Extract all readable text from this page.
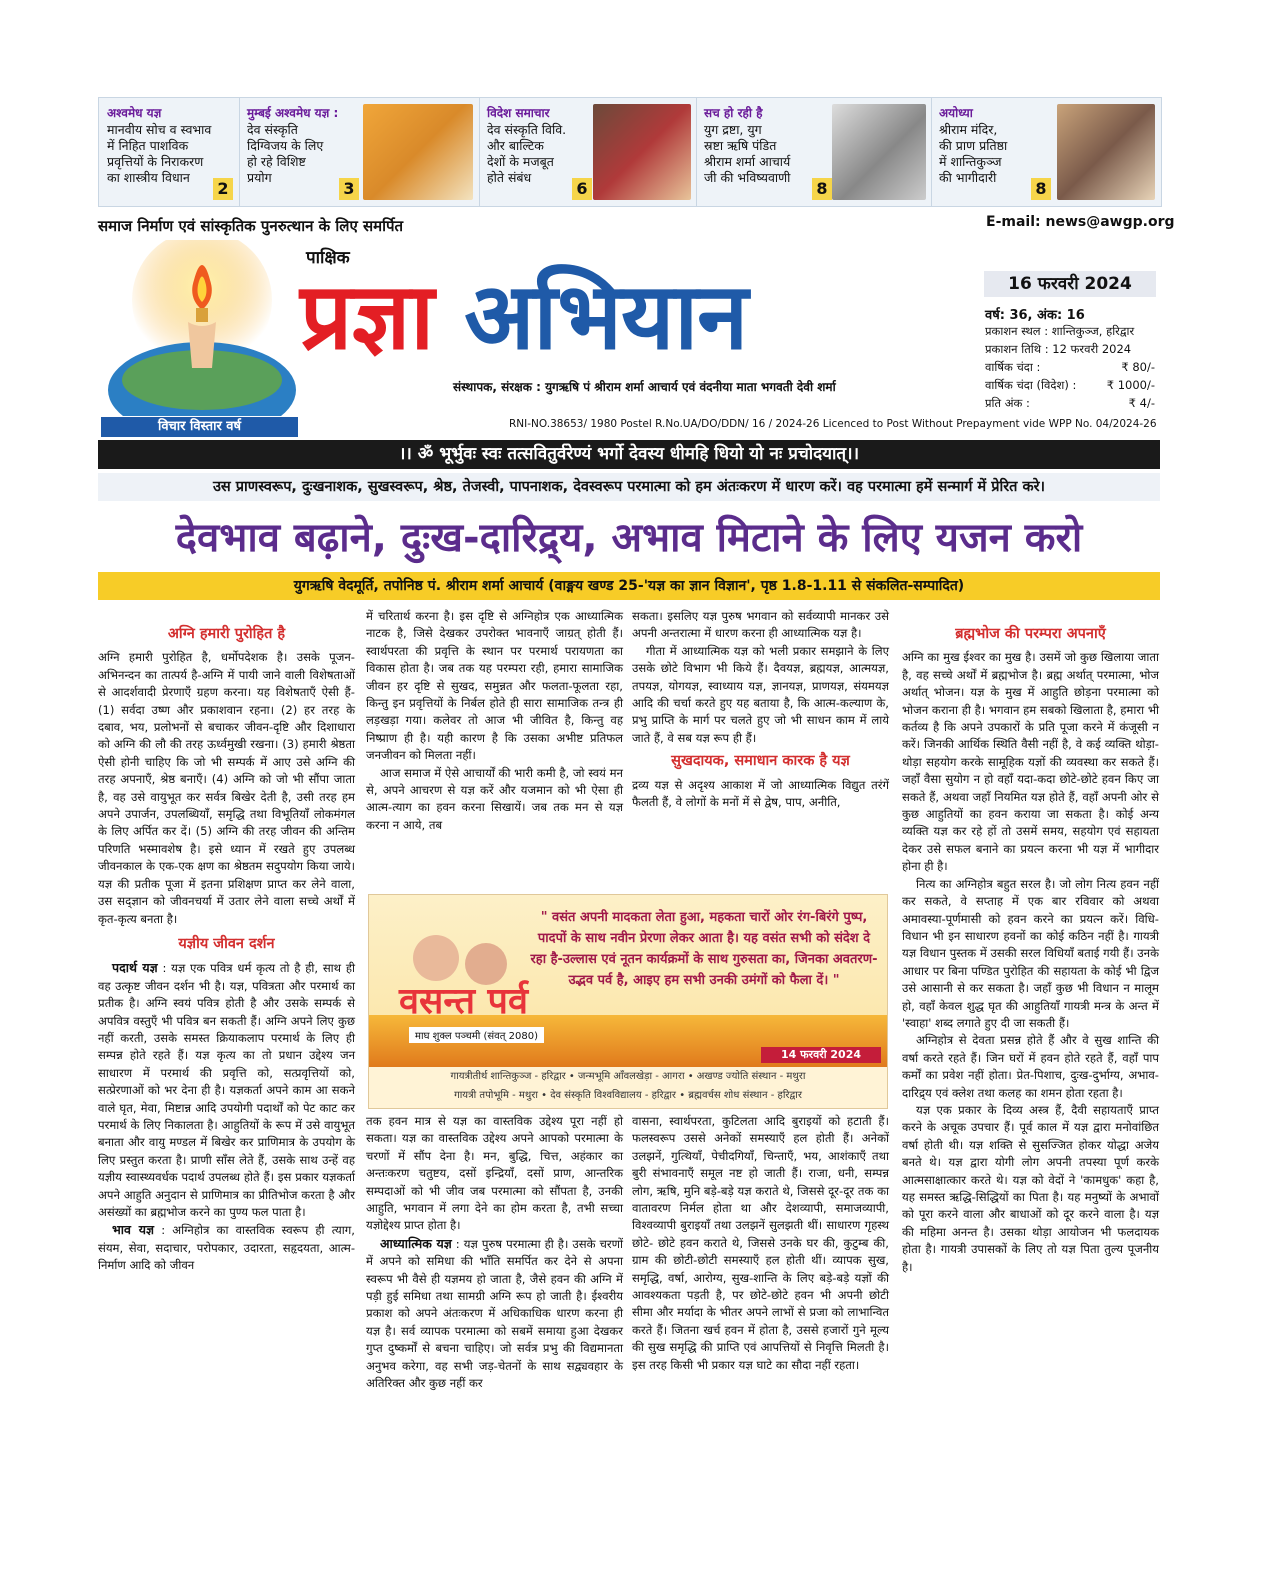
अश्वमेध यज्ञ
मानवीय सोच व स्वभाव
में निहित पाशविक
प्रवृत्तियों के निराकरण
का शास्त्रीय विधान
2
मुम्बई अश्वमेध यज्ञ :
देव संस्कृति
दिग्विजय के लिए
हो रहे विशिष्ट
प्रयोग
3
विदेश समाचार
देव संस्कृति विवि.
और बाल्टिक
देशों के मजबूत
होते संबंध
6
सच हो रही है
युग द्रष्टा, युग
स्रष्टा ऋषि पंडित
श्रीराम शर्मा आचार्य
जी की भविष्यवाणी
8
अयोध्या
श्रीराम मंदिर,
की प्राण प्रतिष्ठा
में शान्तिकुञ्ज
की भागीदारी
8
समाज निर्माण एवं सांस्कृतिक पुनरुत्थान के लिए समर्पित	E-mail: news@awgp.org
विचार विस्तार वर्ष
पाक्षिक
प्रज्ञा अभियान
संस्थापक, संरक्षक : युगऋषि पं श्रीराम शर्मा आचार्य एवं वंदनीया माता भगवती देवी शर्मा
RNI-NO.38653/ 1980 Postel R.No.UA/DO/DDN/ 16 / 2024-26 Licenced to Post Without Prepayment vide WPP No. 04/2024-26
16 फरवरी 2024
वर्ष: 36, अंक: 16
प्रकाशन स्थल : शान्तिकुञ्ज, हरिद्वार
प्रकाशन तिथि : 12 फरवरी 2024
वार्षिक चंदा :	₹ 80/-
वार्षिक चंदा (विदेश) :	₹ 1000/-
प्रति अंक :	₹ 4/-
।। ॐ भूर्भुवः स्वः तत्सवितुर्वरेण्यं भर्गो देवस्य धीमहि धियो यो नः प्रचोदयात्।।
उस प्राणस्वरूप, दुःखनाशक, सुखस्वरूप, श्रेष्ठ, तेजस्वी, पापनाशक, देवस्वरूप परमात्मा को हम अंतःकरण में धारण करें। वह परमात्मा हमें सन्मार्ग में प्रेरित करे।
देवभाव बढ़ाने, दुःख-दारिद्र्य, अभाव मिटाने के लिए यजन करो
युगऋषि वेदमूर्ति, तपोनिष्ठ पं. श्रीराम शर्मा आचार्य (वाङ्मय खण्ड 25-'यज्ञ का ज्ञान विज्ञान', पृष्ठ 1.8-1.11 से संकलित-सम्पादित)
अग्नि हमारी पुरोहित है

अग्नि हमारी पुरोहित है, धर्मोपदेशक है। उसके पूजन-अभिनन्दन का तात्पर्य है-अग्नि में पायी जाने वाली विशेषताओं से आदर्शवादी प्रेरणाएँ ग्रहण करना। यह विशेषताएँ ऐसी हैं- (1) सर्वदा उष्ण और प्रकाशवान रहना। (2) हर तरह के दबाव, भय, प्रलोभनों से बचाकर जीवन-दृष्टि और दिशाधारा को अग्नि की लौ की तरह ऊर्ध्वमुखी रखना। (3) हमारी श्रेष्ठता ऐसी होनी चाहिए कि जो भी सम्पर्क में आए उसे अग्नि की तरह अपनाएँ, श्रेष्ठ बनाएँ। (4) अग्नि को जो भी सौंपा जाता है, वह उसे वायुभूत कर सर्वत्र बिखेर देती है, उसी तरह हम अपने उपार्जन, उपलब्धियाँ, समृद्धि तथा विभूतियाँ लोकमंगल के लिए अर्पित कर दें। (5) अग्नि की तरह जीवन की अन्तिम परिणति भस्मावशेष है। इसे ध्यान में रखते हुए उपलब्ध जीवनकाल के एक-एक क्षण का श्रेष्ठतम सदुपयोग किया जाये। यज्ञ की प्रतीक पूजा में इतना प्रशिक्षण प्राप्त कर लेने वाला, उस सद्ज्ञान को जीवनचर्या में उतार लेने वाला सच्चे अर्थों में कृत-कृत्य बनता है।

यज्ञीय जीवन दर्शन

पदार्थ यज्ञ : यज्ञ एक पवित्र धर्म कृत्य तो है ही, साथ ही वह उत्कृष्ट जीवन दर्शन भी है। यज्ञ, पवित्रता और परमार्थ का प्रतीक है। अग्नि स्वयं पवित्र होती है और उसके सम्पर्क से अपवित्र वस्तुएँ भी पवित्र बन सकती हैं। अग्नि अपने लिए कुछ नहीं करती, उसके समस्त क्रियाकलाप परमार्थ के लिए ही सम्पन्न होते रहते हैं। यज्ञ कृत्य का तो प्रधान उद्देश्य जन साधारण में परमार्थ की प्रवृत्ति को, सत्प्रवृत्तियों को, सत्प्रेरणाओं को भर देना ही है। यज्ञकर्ता अपने काम आ सकने वाले घृत, मेवा, मिष्टान्न आदि उपयोगी पदार्थों को पेट काट कर परमार्थ के लिए निकालता है। आहुतियों के रूप में उसे वायुभूत बनाता और वायु मण्डल में बिखेर कर प्राणिमात्र के उपयोग के लिए प्रस्तुत करता है। प्राणी साँस लेते हैं, उसके साथ उन्हें वह यज्ञीय स्वास्थ्यवर्धक पदार्थ उपलब्ध होते हैं। इस प्रकार यज्ञकर्ता अपने आहुति अनुदान से प्राणिमात्र का प्रीतिभोज करता है और असंख्यों का ब्रह्मभोज करने का पुण्य फल पाता है।

भाव यज्ञ : अग्निहोत्र का वास्तविक स्वरूप ही त्याग, संयम, सेवा, सदाचार, परोपकार, उदारता, सहृदयता, आत्म-निर्माण आदि को जीवन

में चरितार्थ करना है। इस दृष्टि से अग्निहोत्र एक आध्यात्मिक नाटक है, जिसे देखकर उपरोक्त भावनाएँ जाग्रत् होती हैं। स्वार्थपरता की प्रवृत्ति के स्थान पर परमार्थ परायणता का विकास होता है। जब तक यह परम्परा रही, हमारा सामाजिक जीवन हर दृष्टि से सुखद, समुन्नत और फलता-फूलता रहा, किन्तु इन प्रवृत्तियों के निर्बल होते ही सारा सामाजिक तन्त्र ही लड़खड़ा गया। कलेवर तो आज भी जीवित है, किन्तु वह निष्प्राण ही है। यही कारण है कि उसका अभीष्ट प्रतिफल जनजीवन को मिलता नहीं।

आज समाज में ऐसे आचार्यों की भारी कमी है, जो स्वयं मन से, अपने आचरण से यज्ञ करें और यजमान को भी ऐसा ही आत्म-त्याग का हवन करना सिखायें। जब तक मन से यज्ञ करना न आये, तब

सकता। इसलिए यज्ञ पुरुष भगवान को सर्वव्यापी मानकर उसे अपनी अन्तरात्मा में धारण करना ही आध्यात्मिक यज्ञ है।

गीता में आध्यात्मिक यज्ञ को भली प्रकार समझाने के लिए उसके छोटे विभाग भी किये हैं। दैवयज्ञ, ब्रह्मयज्ञ, आत्मयज्ञ, तपयज्ञ, योगयज्ञ, स्वाध्याय यज्ञ, ज्ञानयज्ञ, प्राणयज्ञ, संयमयज्ञ आदि की चर्चा करते हुए यह बताया है, कि आत्म-कल्याण के, प्रभु प्राप्ति के मार्ग पर चलते हुए जो भी साधन काम में लाये जाते हैं, वे सब यज्ञ रूप ही हैं।

सुखदायक, समाधान कारक है यज्ञ

द्रव्य यज्ञ से अदृश्य आकाश में जो आध्यात्मिक विद्युत तरंगें फैलती हैं, वे लोगों के मनों में से द्वेष, पाप, अनीति,

" वसंत अपनी मादकता लेता हुआ, महकता चारों ओर रंग-बिरंगे पुष्प, पादपों के साथ नवीन प्रेरणा लेकर आता है। यह वसंत सभी को संदेश दे रहा है-उल्लास एवं नूतन कार्यक्रमों के साथ गुरुसता का, जिनका अवतरण-उद्भव पर्व है, आइए हम सभी उनकी उमंगों को फैला दें। "
वसन्त पर्व
माघ शुक्ल पञ्चमी (संवत् 2080)
14 फरवरी 2024
गायत्रीतीर्थ शान्तिकुञ्ज - हरिद्वार • जन्मभूमि आँवलखेड़ा - आगरा • अखण्ड ज्योति संस्थान - मथुरा
गायत्री तपोभूमि - मथुरा • देव संस्कृति विश्वविद्यालय - हरिद्वार • ब्रह्मवर्चस शोध संस्थान - हरिद्वार

तक हवन मात्र से यज्ञ का वास्तविक उद्देश्य पूरा नहीं हो सकता। यज्ञ का वास्तविक उद्देश्य अपने आपको परमात्मा के चरणों में सौंप देना है। मन, बुद्धि, चित्त, अहंकार का अन्तःकरण चतुष्टय, दसों इन्द्रियाँ, दसों प्राण, आन्तरिक सम्पदाओं को भी जीव जब परमात्मा को सौंपता है, उनकी आहुति, भगवान में लगा देने का होम करता है, तभी सच्चा यज्ञोद्देश्य प्राप्त होता है।

आध्यात्मिक यज्ञ : यज्ञ पुरुष परमात्मा ही है। उसके चरणों में अपने को समिधा की भाँति समर्पित कर देने से अपना स्वरूप भी वैसे ही यज्ञमय हो जाता है, जैसे हवन की अग्नि में पड़ी हुई समिधा तथा सामग्री अग्नि रूप हो जाती है। ईश्वरीय प्रकाश को अपने अंतःकरण में अधिकाधिक धारण करना ही यज्ञ है। सर्व व्यापक परमात्मा को सबमें समाया हुआ देखकर गुप्त दुष्कर्मों से बचना चाहिए। जो सर्वत्र प्रभु की विद्यमानता अनुभव करेगा, वह सभी जड़-चेतनों के साथ सद्व्यवहार के अतिरिक्त और कुछ नहीं कर

वासना, स्वार्थपरता, कुटिलता आदि बुराइयों को हटाती हैं। फलस्वरूप उससे अनेकों समस्याएँ हल होती हैं। अनेकों उलझनें, गुत्थियाँ, पेचीदगियाँ, चिन्ताएँ, भय, आशंकाएँ तथा बुरी संभावनाएँ समूल नष्ट हो जाती हैं। राजा, धनी, सम्पन्न लोग, ऋषि, मुनि बड़े-बड़े यज्ञ कराते थे, जिससे दूर-दूर तक का वातावरण निर्मल होता था और देशव्यापी, समाजव्यापी, विश्वव्यापी बुराइयाँ तथा उलझनें सुलझती थीं। साधारण गृहस्थ छोटे- छोटे हवन कराते थे, जिससे उनके घर की, कुटुम्ब की, ग्राम की छोटी-छोटी समस्याएँ हल होती थीं। व्यापक सुख, समृद्धि, वर्षा, आरोग्य, सुख-शान्ति के लिए बड़े-बड़े यज्ञों की आवश्यकता पड़ती है, पर छोटे-छोटे हवन भी अपनी छोटी सीमा और मर्यादा के भीतर अपने लाभों से प्रजा को लाभान्वित करते हैं। जितना खर्च हवन में होता है, उससे हजारों गुने मूल्य की सुख समृद्धि की प्राप्ति एवं आपत्तियों से निवृत्ति मिलती है। इस तरह किसी भी प्रकार यज्ञ घाटे का सौदा नहीं रहता।

ब्रह्मभोज की परम्परा अपनाएँ

अग्नि का मुख ईश्वर का मुख है। उसमें जो कुछ खिलाया जाता है, वह सच्चे अर्थों में ब्रह्मभोज है। ब्रह्म अर्थात् परमात्मा, भोज अर्थात् भोजन। यज्ञ के मुख में आहुति छोड़ना परमात्मा को भोजन कराना ही है। भगवान हम सबको खिलाता है, हमारा भी कर्तव्य है कि अपने उपकारों के प्रति पूजा करने में कंजूसी न करें। जिनकी आर्थिक स्थिति वैसी नहीं है, वे कई व्यक्ति थोड़ा-थोड़ा सहयोग करके सामूहिक यज्ञों की व्यवस्था कर सकते हैं। जहाँ वैसा सुयोग न हो वहाँ यदा-कदा छोटे-छोटे हवन किए जा सकते हैं, अथवा जहाँ नियमित यज्ञ होते हैं, वहाँ अपनी ओर से कुछ आहुतियों का हवन कराया जा सकता है। कोई अन्य व्यक्ति यज्ञ कर रहे हों तो उसमें समय, सहयोग एवं सहायता देकर उसे सफल बनाने का प्रयत्न करना भी यज्ञ में भागीदार होना ही है।

नित्य का अग्निहोत्र बहुत सरल है। जो लोग नित्य हवन नहीं कर सकते, वे सप्ताह में एक बार रविवार को अथवा अमावस्या-पूर्णमासी को हवन करने का प्रयत्न करें। विधि-विधान भी इन साधारण हवनों का कोई कठिन नहीं है। गायत्री यज्ञ विधान पुस्तक में उसकी सरल विधियाँ बताई गयी हैं। उनके आधार पर बिना पण्डित पुरोहित की सहायता के कोई भी द्विज उसे आसानी से कर सकता है। जहाँ कुछ भी विधान न मालूम हो, वहाँ केवल शुद्ध घृत की आहुतियाँ गायत्री मन्त्र के अन्त में 'स्वाहा' शब्द लगाते हुए दी जा सकती हैं।

अग्निहोत्र से देवता प्रसन्न होते हैं और वे सुख शान्ति की वर्षा करते रहते हैं। जिन घरों में हवन होते रहते हैं, वहाँ पाप कर्मों का प्रवेश नहीं होता। प्रेत-पिशाच, दुःख-दुर्भाग्य, अभाव-दारिद्र्य एवं क्लेश तथा कलह का शमन होता रहता है।

यज्ञ एक प्रकार के दिव्य अस्त्र हैं, दैवी सहायताएँ प्राप्त करने के अचूक उपचार हैं। पूर्व काल में यज्ञ द्वारा मनोवांछित वर्षा होती थी। यज्ञ शक्ति से सुसज्जित होकर योद्धा अजेय बनते थे। यज्ञ द्वारा योगी लोग अपनी तपस्या पूर्ण करके आत्मसाक्षात्कार करते थे। यज्ञ को वेदों ने 'कामधुक' कहा है, यह समस्त ऋद्धि-सिद्धियों का पिता है। यह मनुष्यों के अभावों को पूरा करने वाला और बाधाओं को दूर करने वाला है। यज्ञ की महिमा अनन्त है। उसका थोड़ा आयोजन भी फलदायक होता है। गायत्री उपासकों के लिए तो यज्ञ पिता तुल्य पूजनीय है।
